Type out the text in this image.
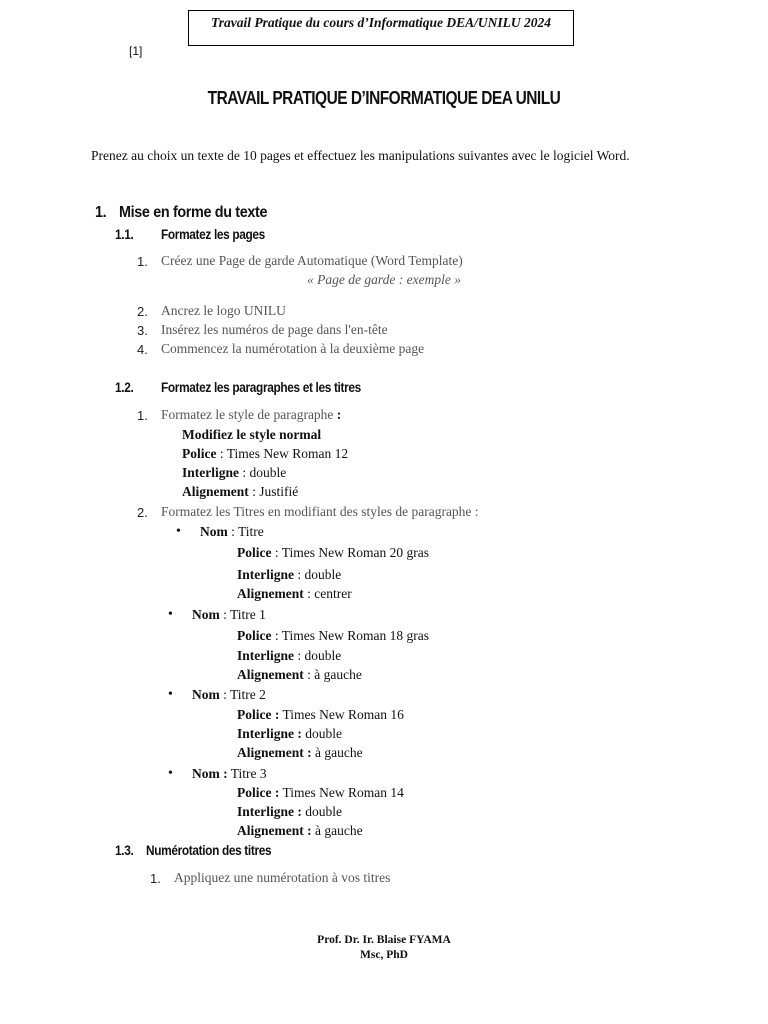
Travail Pratique du cours d’Informatique DEA/UNILU 2024
[1]
TRAVAIL PRATIQUE D’INFORMATIQUE DEA UNILU
Prenez au choix un texte de 10 pages et effectuez les manipulations suivantes avec le logiciel Word.
1. Mise en forme du texte
1.1. Formatez les pages
1. Créez une Page de garde Automatique (Word Template)
« Page de garde : exemple »
2. Ancrez le logo UNILU
3. Insérez les numéros de page dans l'en-tête
4. Commencez la numérotation à la deuxième page
1.2. Formatez les paragraphes et les titres
1. Formatez le style de paragraphe :
Modifiez le style normal
Police : Times New Roman 12
Interligne : double
Alignement : Justifié
2. Formatez les Titres en modifiant des styles de paragraphe :
• Nom : Titre
Police : Times New Roman 20 gras
Interligne : double
Alignement : centrer
• Nom : Titre 1
Police : Times New Roman 18 gras
Interligne : double
Alignement : à gauche
• Nom : Titre 2
Police : Times New Roman 16
Interligne : double
Alignement : à gauche
• Nom : Titre 3
Police : Times New Roman 14
Interligne : double
Alignement : à gauche
1.3. Numérotation des titres
1. Appliquez une numérotation à vos titres
Prof. Dr. Ir. Blaise FYAMA
Msc, PhD
